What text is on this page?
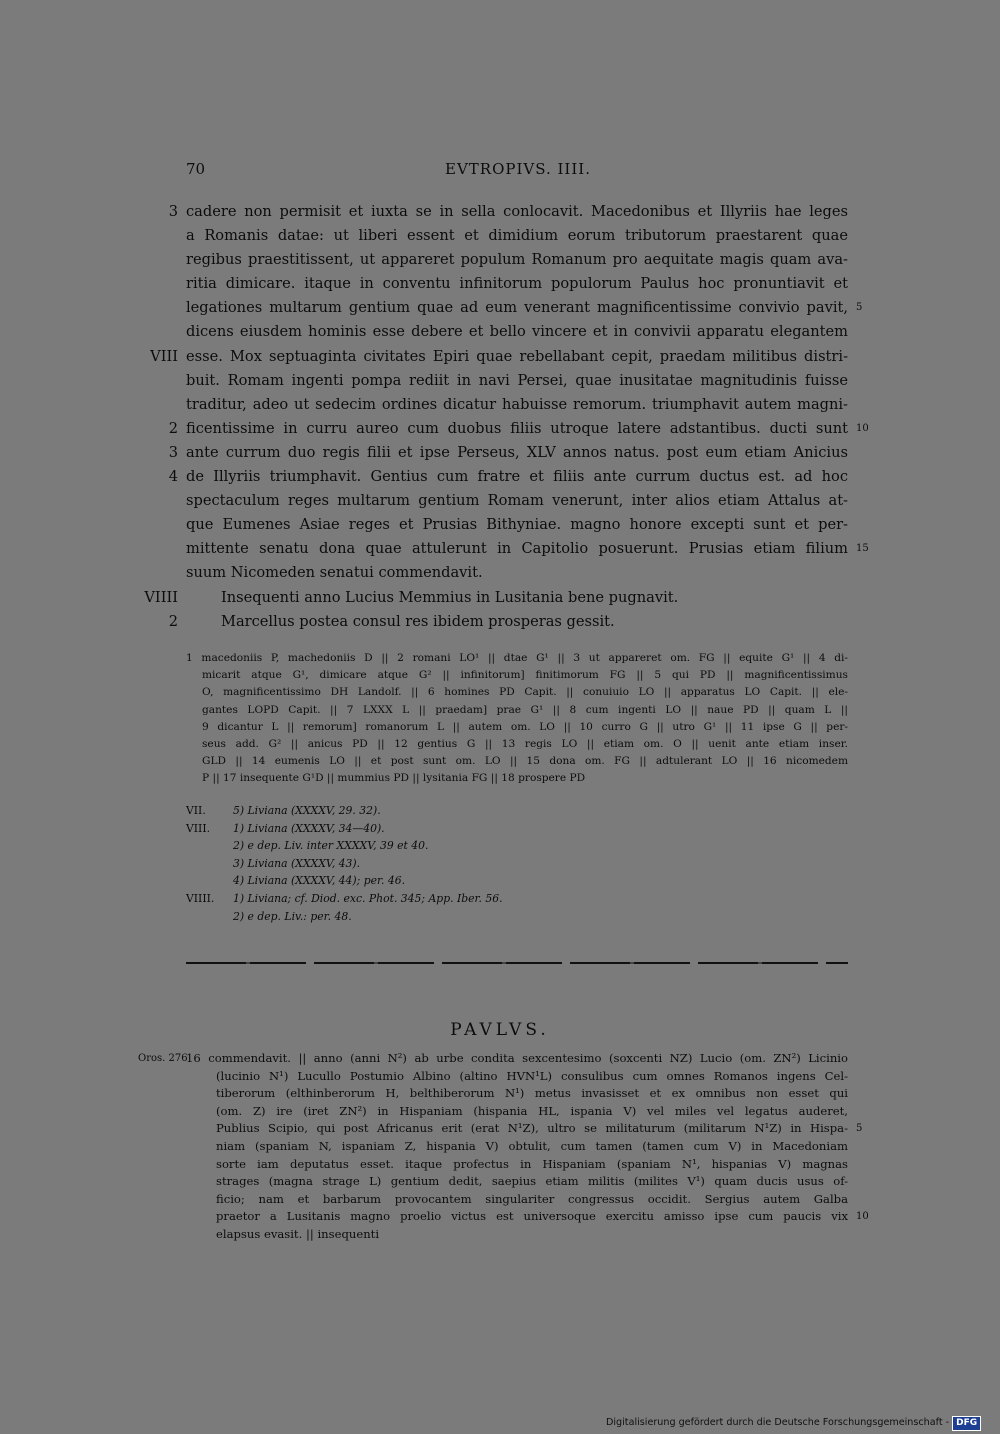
70	EVTROPIVS. IIII.
3 cadere non permisit et iuxta se in sella conlocavit. Macedonibus et Illyriis hae leges
a Romanis datae: ut liberi essent et dimidium eorum tributorum praestarent quae
regibus praestitissent, ut appareret populum Romanum pro aequitate magis quam ava-
ritia dimicare. itaque in conventu infinitorum populorum Paulus hoc pronuntiavit et
legationes multarum gentium quae ad eum venerant magnificentissime convivio pavit, 5
dicens eiusdem hominis esse debere et bello vincere et in convivii apparatu elegantem
VIII esse. Mox septuaginta civitates Epiri quae rebellabant cepit, praedam militibus distri-
buit. Romam ingenti pompa rediit in navi Persei, quae inusitatae magnitudinis fuisse
traditur, adeo ut sedecim ordines dicatur habuisse remorum. triumphavit autem magni-
2 ficentissime in curru aureo cum duobus filiis utroque latere adstantibus. ducti sunt 10
3 ante currum duo regis filii et ipse Perseus, XLV annos natus. post eum etiam Anicius
4 de Illyriis triumphavit. Gentius cum fratre et filiis ante currum ductus est. ad hoc
spectaculum reges multarum gentium Romam venerunt, inter alios etiam Attalus at-
que Eumenes Asiae reges et Prusias Bithyniae. magno honore excepti sunt et per-
mittente senatu dona quae attulerunt in Capitolio posuerunt. Prusias etiam filium 15
suum Nicomeden senatui commendavit.
VIIII	Insequenti anno Lucius Memmius in Lusitania bene pugnavit.
2	Marcellus postea consul res ibidem prosperas gessit.
1 macedoniis P, machedoniis D || 2 romani LO¹ || dtae G¹ || 3 ut appareret om. FG || equite G¹ || 4 di-
micarit atque G¹, dimicare atque G² || infinitorum] finitimorum FG || 5 qui PD || magnificentissimus
O, magnificentissimo DH Landolf. || 6 homines PD Capit. || conuiuio LO || apparatus LO Capit. || ele-
gantes LOPD Capit. || 7 LXXX L || praedam] prae G¹ || 8 cum ingenti LO || naue PD || quam L ||
9 dicantur L || remorum] romanorum L || autem om. LO || 10 curro G || utro G¹ || 11 ipse G || per-
seus add. G² || anicus PD || 12 gentius G || 13 regis LO || etiam om. O || uenit ante etiam inser.
GLD || 14 eumenis LO || et post sunt om. LO || 15 dona om. FG || adtulerant LO || 16 nicomedem
P || 17 insequente G¹D || mummius PD || lysitania FG || 18 prospere PD
VII.	5) Liviana (XXXXV, 29. 32).
VIII. 1) Liviana (XXXXV, 34—40).
2) e dep. Liv. inter XXXXV, 39 et 40.
3) Liviana (XXXXV, 43).
4) Liviana (XXXXV, 44); per. 46.
VIIII. 1) Liviana; cf. Diod. exc. Phot. 345; App. Iber. 56.
2) e dep. Liv.: per. 48.
PAVLVS.
Oros. 276
16 commendavit. || anno (anni N²) ab urbe condita sexcentesimo (soxcenti NZ) Lucio (om. ZN²) Licinio
(lucinio N¹) Lucullo Postumio Albino (altino HVN¹L) consulibus cum omnes Romanos ingens Cel-
tiberorum (elthinberorum H, belthiberorum N¹) metus invasisset et ex omnibus non esset qui
(om. Z) ire (iret ZN²) in Hispaniam (hispania HL, ispania V) vel miles vel legatus auderet,
Publius Scipio, qui post Africanus erit (erat N¹Z), ultro se militaturum (militarum N¹Z) in Hispa- 5
niam (spaniam N, ispaniam Z, hispania V) obtulit, cum tamen (tamen cum V) in Macedoniam
sorte iam deputatus esset. itaque profectus in Hispaniam (spaniam N¹, hispanias V) magnas
strages (magna strage L) gentium dedit, saepius etiam militis (milites V¹) quam ducis usus of-
ficio; nam et barbarum provocantem singulariter congressus occidit. Sergius autem Galba
praetor a Lusitanis magno proelio victus est universoque exercitu amisso ipse cum paucis vix 10
elapsus evasit. || insequenti
Digitalisierung gefördert durch die Deutsche Forschungsgemeinschaft - DFG
